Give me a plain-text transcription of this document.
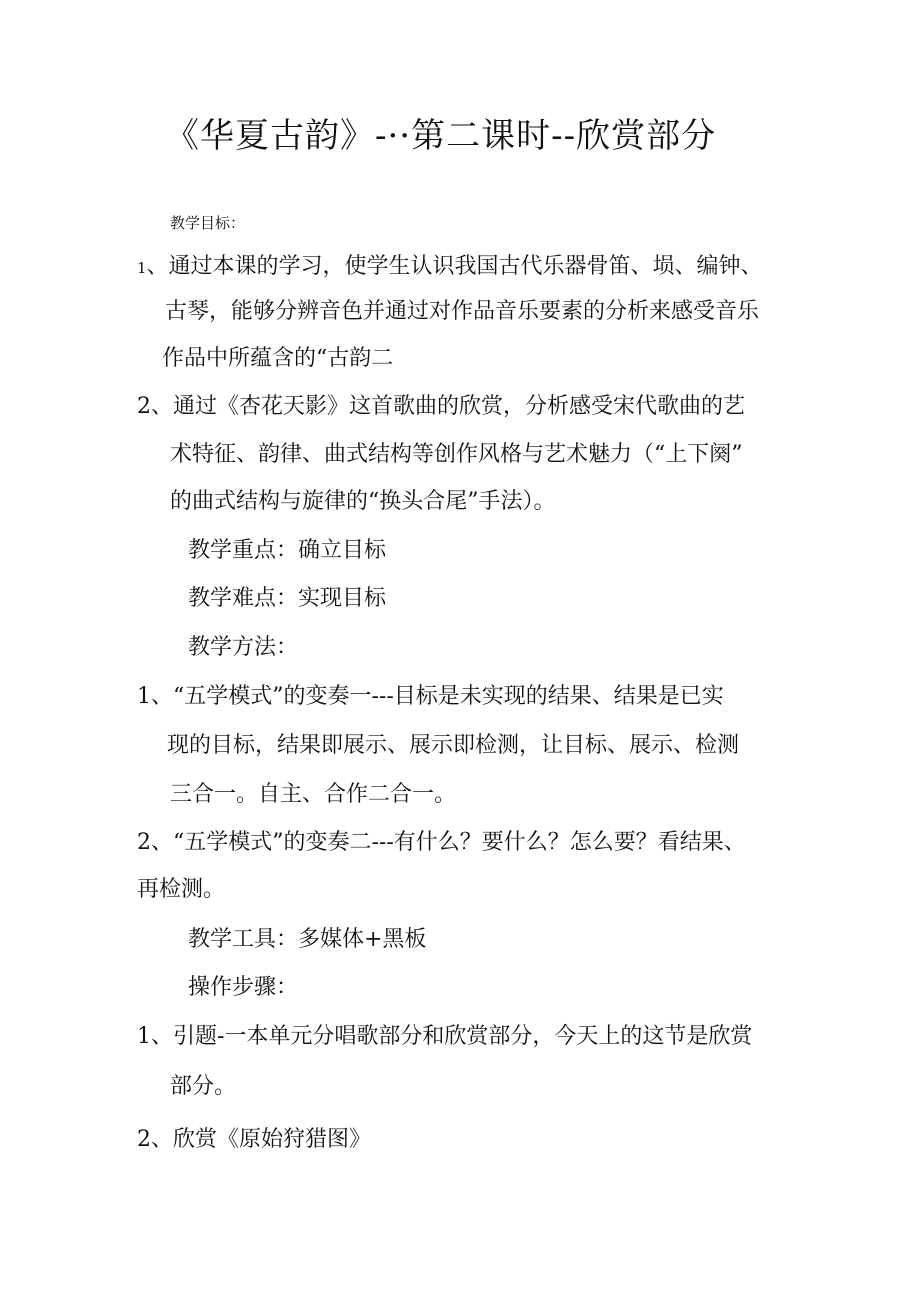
《华夏古韵》-··第二课时--欣赏部分
教学目标：
1、通过本课的学习，使学生认识我国古代乐器骨笛、埙、编钟、
古琴，能够分辨音色并通过对作品音乐要素的分析来感受音乐
作品中所蕴含的“古韵二
2、通过《杏花天影》这首歌曲的欣赏，分析感受宋代歌曲的艺
术特征、韵律、曲式结构等创作风格与艺术魅力（“上下阕”
的曲式结构与旋律的“换头合尾”手法）。
教学重点：确立目标
教学难点：实现目标
教学方法：
1、“五学模式”的变奏一---目标是未实现的结果、结果是已实
现的目标，结果即展示、展示即检测，让目标、展示、检测
三合一。自主、合作二合一。
2、“五学模式”的变奏二---有什么？要什么？怎么要？看结果、
再检测。
教学工具：多媒体+黑板
操作步骤：
1、引题-一本单元分唱歌部分和欣赏部分，今天上的这节是欣赏
部分。
2、欣赏《原始狩猎图》
